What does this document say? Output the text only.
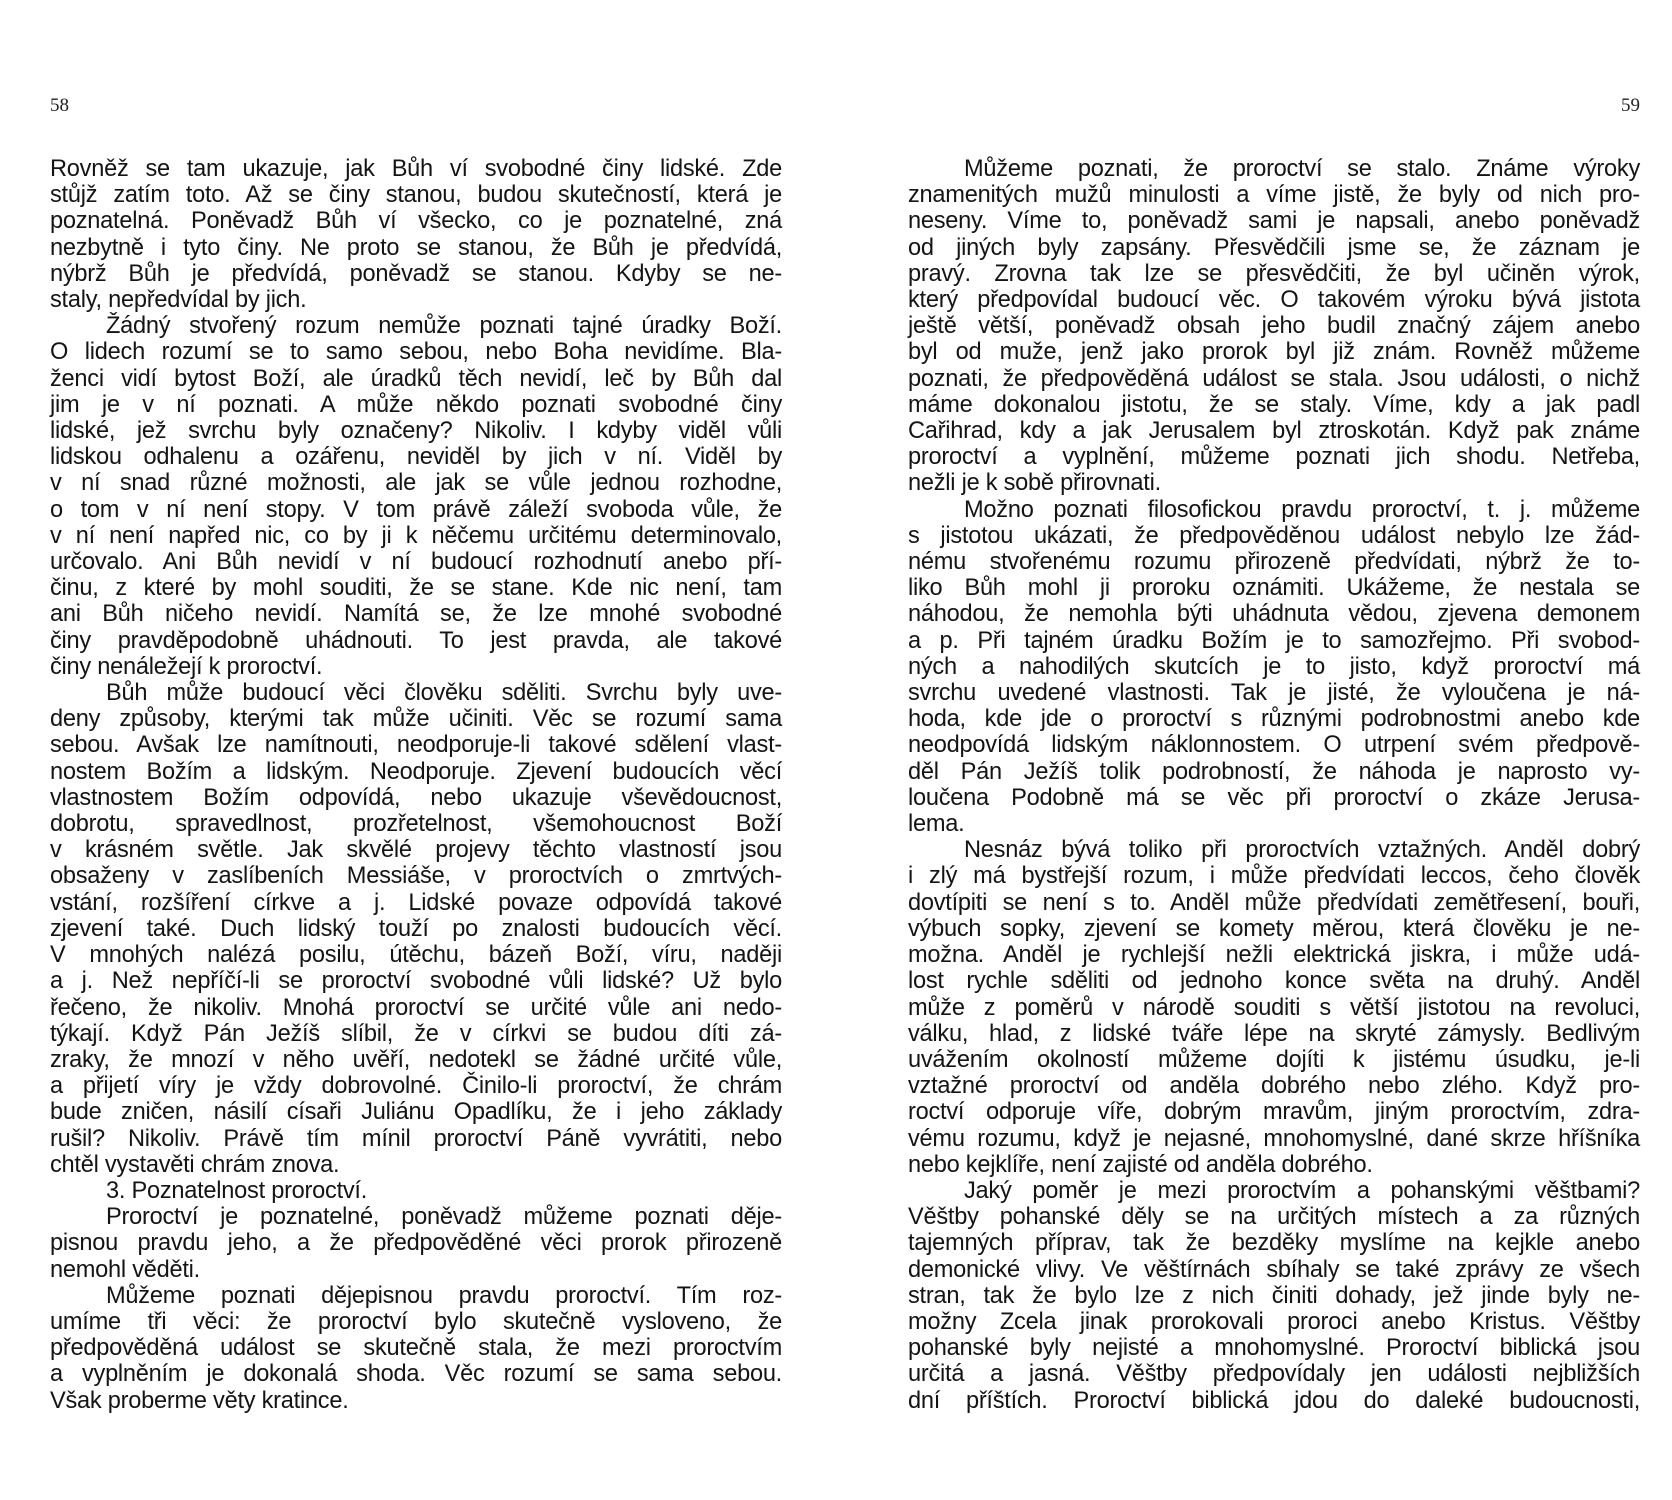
58
Rovněž se tam ukazuje, jak Bůh ví svobodné činy lidské. Zde
stůjž zatím toto. Až se činy stanou, budou skutečností, která je
poznatelná. Poněvadž Bůh ví všecko, co je poznatelné, zná
nezbytně i tyto činy. Ne proto se stanou, že Bůh je předvídá,
nýbrž Bůh je předvídá, poněvadž se stanou. Kdyby se ne-
staly, nepředvídal by jich.
Žádný stvořený rozum nemůže poznati tajné úradky Boží.
O lidech rozumí se to samo sebou, nebo Boha nevidíme. Bla-
ženci vidí bytost Boží, ale úradků těch nevidí, leč by Bůh dal
jim je v ní poznati. A může někdo poznati svobodné činy
lidské, jež svrchu byly označeny? Nikoliv. I kdyby viděl vůli
lidskou odhalenu a ozářenu, neviděl by jich v ní. Viděl by
v ní snad různé možnosti, ale jak se vůle jednou rozhodne,
o tom v ní není stopy. V tom právě záleží svoboda vůle, že
v ní není napřed nic, co by ji k něčemu určitému determinovalo,
určovalo. Ani Bůh nevidí v ní budoucí rozhodnutí anebo pří-
činu, z které by mohl souditi, že se stane. Kde nic není, tam
ani Bůh ničeho nevidí. Namítá se, že lze mnohé svobodné
činy pravděpodobně uhádnouti. To jest pravda, ale takové
činy nenáležejí k proroctví.
Bůh může budoucí věci člověku sděliti. Svrchu byly uve-
deny způsoby, kterými tak může učiniti. Věc se rozumí sama
sebou. Avšak lze namítnouti, neodporuje-li takové sdělení vlast-
nostem Božím a lidským. Neodporuje. Zjevení budoucích věcí
vlastnostem Božím odpovídá, nebo ukazuje vševědoucnost,
dobrotu, spravedlnost, prozřetelnost, všemohoucnost Boží
v krásném světle. Jak skvělé projevy těchto vlastností jsou
obsaženy v zaslíbeních Messiáše, v proroctvích o zmrtvých-
vstání, rozšíření církve a j. Lidské povaze odpovídá takové
zjevení také. Duch lidský touží po znalosti budoucích věcí.
V mnohých nalézá posilu, útěchu, bázeň Boží, víru, naději
a j. Než nepříčí-li se proroctví svobodné vůli lidské? Už bylo
řečeno, že nikoliv. Mnohá proroctví se určité vůle ani nedo-
týkají. Když Pán Ježíš slíbil, že v církvi se budou díti zá-
zraky, že mnozí v něho uvěří, nedotekl se žádné určité vůle,
a přijetí víry je vždy dobrovolné. Činilo-li proroctví, že chrám
bude zničen, násilí císaři Juliánu Opadlíku, že i jeho základy
rušil? Nikoliv. Právě tím mínil proroctví Páně vyvrátiti, nebo
chtěl vystavěti chrám znova.
3. Poznatelnost proroctví.
Proroctví je poznatelné, poněvadž můžeme poznati děje-
pisnou pravdu jeho, a že předpověděné věci prorok přirozeně
nemohl věděti.
Můžeme poznati dějepisnou pravdu proroctví. Tím roz-
umíme tři věci: že proroctví bylo skutečně vysloveno, že
předpověděná událost se skutečně stala, že mezi proroctvím
a vyplněním je dokonalá shoda. Věc rozumí se sama sebou.
Však proberme věty kratince.
59
Můžeme poznati, že proroctví se stalo. Známe výroky
znamenitých mužů minulosti a víme jistě, že byly od nich pro-
neseny. Víme to, poněvadž sami je napsali, anebo poněvadž
od jiných byly zapsány. Přesvědčili jsme se, že záznam je
pravý. Zrovna tak lze se přesvědčiti, že byl učiněn výrok,
který předpovídal budoucí věc. O takovém výroku bývá jistota
ještě větší, poněvadž obsah jeho budil značný zájem anebo
byl od muže, jenž jako prorok byl již znám. Rovněž můžeme
poznati, že předpověděná událost se stala. Jsou události, o nichž
máme dokonalou jistotu, že se staly. Víme, kdy a jak padl
Cařihrad, kdy a jak Jerusalem byl ztroskotán. Když pak známe
proroctví a vyplnění, můžeme poznati jich shodu. Netřeba,
nežli je k sobě přirovnati.
Možno poznati filosofickou pravdu proroctví, t. j. můžeme
s jistotou ukázati, že předpověděnou událost nebylo lze žád-
nému stvořenému rozumu přirozeně předvídati, nýbrž že to-
liko Bůh mohl ji proroku oznámiti. Ukážeme, že nestala se
náhodou, že nemohla býti uhádnuta vědou, zjevena demonem
a p. Při tajném úradku Božím je to samozřejmo. Při svobod-
ných a nahodilých skutcích je to jisto, když proroctví má
svrchu uvedené vlastnosti. Tak je jisté, že vyloučena je ná-
hoda, kde jde o proroctví s různými podrobnostmi anebo kde
neodpovídá lidským náklonnostem. O utrpení svém předpově-
děl Pán Ježíš tolik podrobností, že náhoda je naprosto vy-
loučena Podobně má se věc při proroctví o zkáze Jerusa-
lema.
Nesnáz bývá toliko při proroctvích vztažných. Anděl dobrý
i zlý má bystřejší rozum, i může předvídati leccos, čeho člověk
dovtípiti se není s to. Anděl může předvídati zemětřesení, bouři,
výbuch sopky, zjevení se komety měrou, která člověku je ne-
možna. Anděl je rychlejší nežli elektrická jiskra, i může udá-
lost rychle sděliti od jednoho konce světa na druhý. Anděl
může z poměrů v národě souditi s větší jistotou na revoluci,
válku, hlad, z lidské tváře lépe na skryté zámysly. Bedlivým
uvážením okolností můžeme dojíti k jistému úsudku, je-li
vztažné proroctví od anděla dobrého nebo zlého. Když pro-
roctví odporuje víře, dobrým mravům, jiným proroctvím, zdra-
vému rozumu, když je nejasné, mnohomyslné, dané skrze hříšníka
nebo kejklíře, není zajisté od anděla dobrého.
Jaký poměr je mezi proroctvím a pohanskými věštbami?
Věštby pohanské děly se na určitých místech a za různých
tajemných příprav, tak že bezděky myslíme na kejkle anebo
demonické vlivy. Ve věštírnách sbíhaly se také zprávy ze všech
stran, tak že bylo lze z nich činiti dohady, jež jinde byly ne-
možny Zcela jinak prorokovali proroci anebo Kristus. Věštby
pohanské byly nejisté a mnohomyslné. Proroctví biblická jsou
určitá a jasná. Věštby předpovídaly jen události nejbližších
dní příštích. Proroctví biblická jdou do daleké budoucnosti,
